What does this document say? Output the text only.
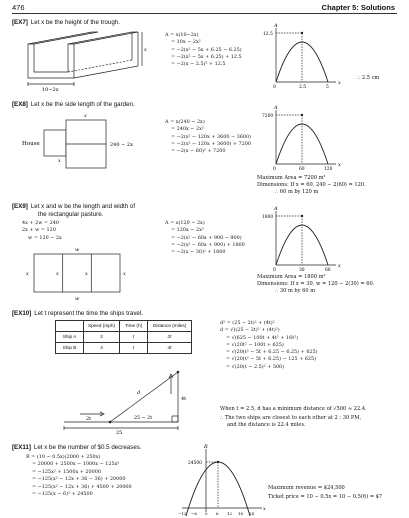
476	Chapter 5: Solutions
[EX7] Let x be the height of the trough.
10−2x
x
A = x(10−2x)
= 10x − 2x²
= −2(x² − 5x + 6.25 − 6.25)
= −2(x² − 5x + 6.25) + 12.5
= −2(x − 2.5)² + 12.5
A
12.5
0	2.5	5
x
∴ 2.5 cm
[EX8] Let x be the side length of the garden.
House
x
x
240 − 2x
A = x(240 − 2x)
= 240x − 2x²
= −2(x² − 120x + 3600 − 3600)
= −2(x² − 120x + 3600) + 7200
= −2(x − 60)² + 7200
A
7200
0	60	120
x
Maximum Area = 7200 m²
Dimensions: If x = 60, 240 − 2(60) = 120.
∴ 60 m by 120 m
[EX9] Let x and w be the length and width of
the rectangular pasture.
4x + 2w = 240
2x + w = 120
w = 120 − 2x
w
w
x	x	x	x
A = x(120 − 2x)
= 120x − 2x²
= −2(x² − 60x + 900 − 900)
= −2(x² − 60x + 900) + 1800
= −2(x − 30)² + 1800
A
1800
0	30	60
x
Maximum Area = 1800 m²
Dimensions: If x = 30, w = 120 − 2(30) = 60.
∴ 30 m by 60 m
[EX10] Let t represent the time the ships travel.
	Speed (mph)	Time (h)	Distance (miles)
Ship A	2	t	2t
Ship B	4	t	4t
d
2t
4t
25 − 2t
25
d² = (25 − 2t)² + (4t)²
d = √((25 − 2t)² + (4t)²)
= √(625 − 100t + 4t² + 16t²)
= √(20t² − 100t + 625)
= √(20(t² − 5t + 6.25 − 6.25) + 625)
= √(20(t² − 5t + 6.25) − 125 + 625)
= √(20(t − 2.5)² + 500)
When t = 2.5, d has a minimum distance of √500 ≈ 22.4.
∴ The two ships are closest to each other at 2 : 30 PM,
and the distance is 22.4 miles.
[EX11] Let x be the number of $0.5 decreases.
R = (10 − 0.5x)(2000 + 250x)
= 20000 + 2500x − 1000x − 125x²
= −125x² + 1500x + 20000
= −125(x² − 12x + 36 − 36) + 20000
= −125(x² − 12x + 36) + 4500 + 20000
= −125(x − 6)² + 24500
R
24500
−12 −6 0 6 12 18 24
x
Maximum revenue = $24,500
Ticket price = 10 − 0.5x = 10 − 0.5(6) = $7
